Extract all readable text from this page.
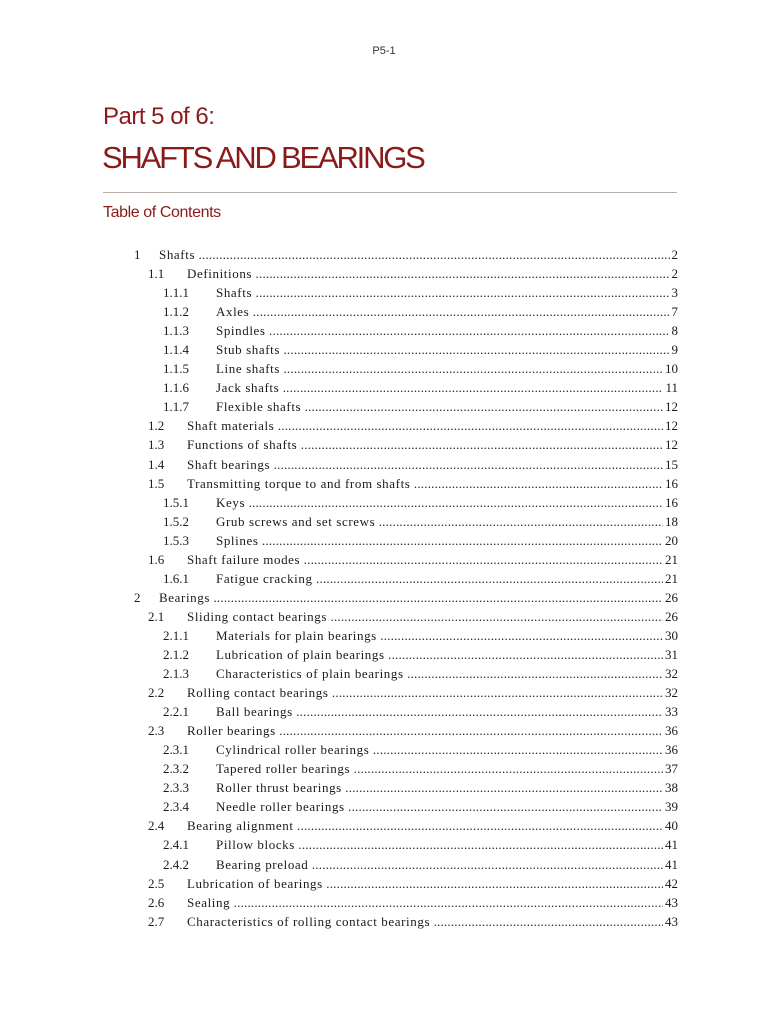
P5-1
Part 5 of 6:
SHAFTS AND BEARINGS
Table of Contents
1 Shafts .....	2
1.1 Definitions .....	2
1.1.1 Shafts .....	3
1.1.2 Axles .....	7
1.1.3 Spindles .....	8
1.1.4 Stub shafts .....	9
1.1.5 Line shafts .....	10
1.1.6 Jack shafts .....	11
1.1.7 Flexible shafts .....	12
1.2 Shaft materials .....	12
1.3 Functions of shafts .....	12
1.4 Shaft bearings .....	15
1.5 Transmitting torque to and from shafts .....	16
1.5.1 Keys .....	16
1.5.2 Grub screws and set screws .....	18
1.5.3 Splines .....	20
1.6 Shaft failure modes .....	21
1.6.1 Fatigue cracking .....	21
2 Bearings .....	26
2.1 Sliding contact bearings .....	26
2.1.1 Materials for plain bearings .....	30
2.1.2 Lubrication of plain bearings .....	31
2.1.3 Characteristics of plain bearings .....	32
2.2 Rolling contact bearings .....	32
2.2.1 Ball bearings .....	33
2.3 Roller bearings .....	36
2.3.1 Cylindrical roller bearings .....	36
2.3.2 Tapered roller bearings .....	37
2.3.3 Roller thrust bearings .....	38
2.3.4 Needle roller bearings .....	39
2.4 Bearing alignment .....	40
2.4.1 Pillow blocks .....	41
2.4.2 Bearing preload .....	41
2.5 Lubrication of bearings .....	42
2.6 Sealing .....	43
2.7 Characteristics of rolling contact bearings .....	43
